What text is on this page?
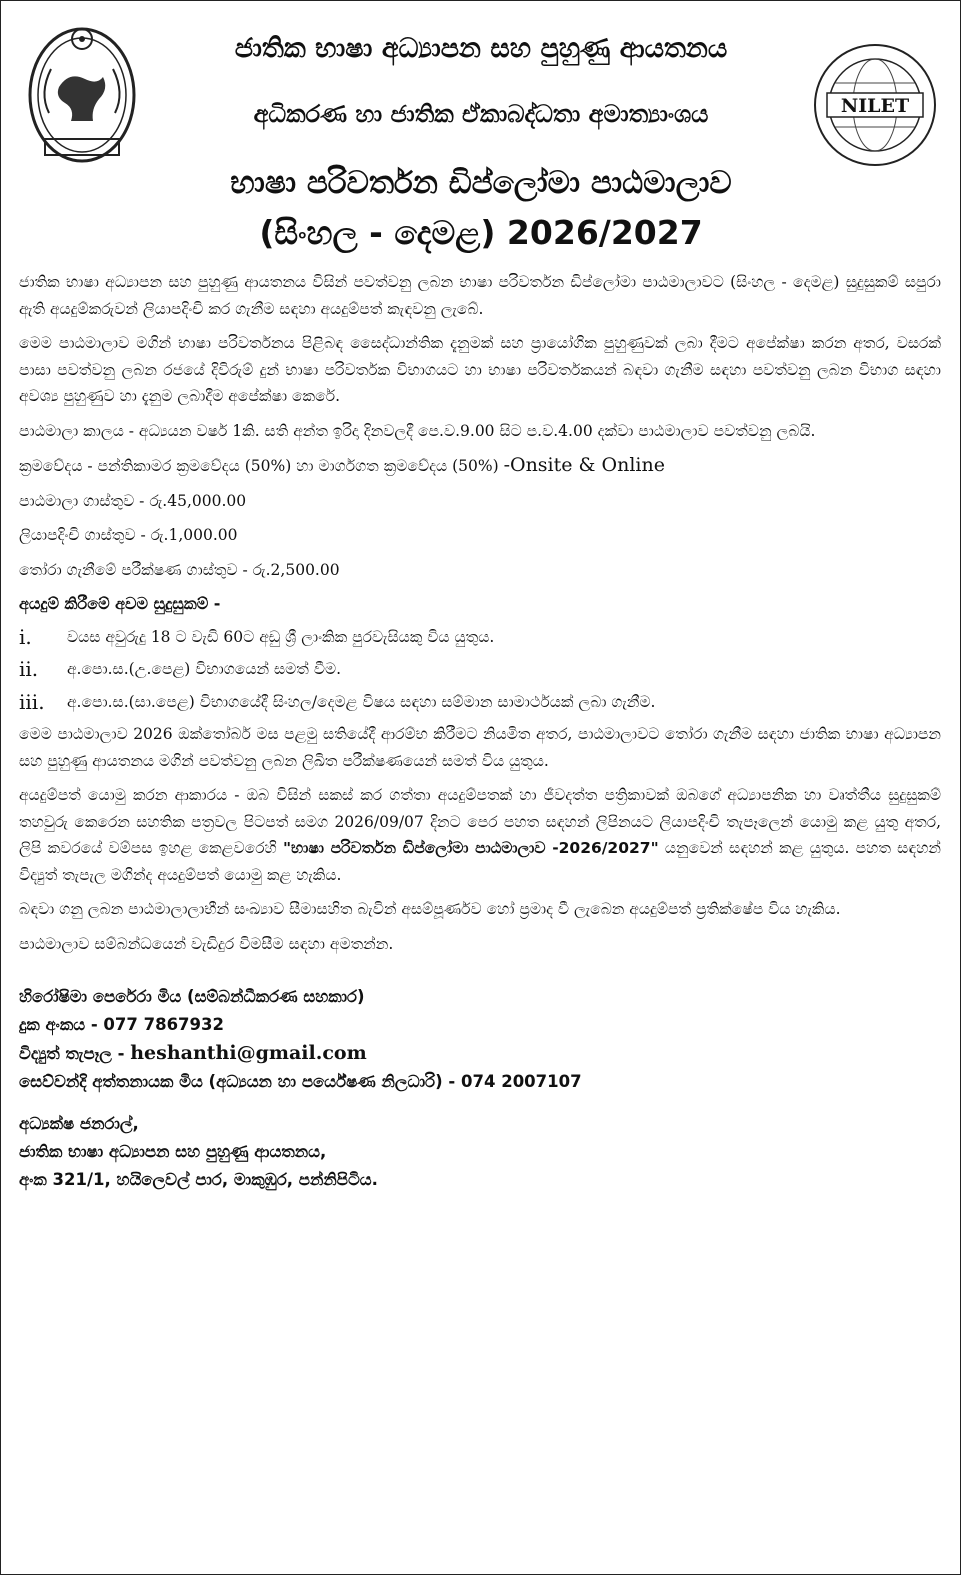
NILET
ජාතික භාෂා අධ්‍යාපන සහ පුහුණු ආයතනය
අධිකරණ හා ජාතික ඒකාබද්ධතා අමාත්‍යාංශය
භාෂා පරිවර්තන ඩිප්ලෝමා පාඨමාලාව
(සිංහල - දෙමළ) 2026/2027

ජාතික භාෂා අධ්‍යාපන සහ පුහුණු ආයතනය විසින් පවත්වනු ලබන භාෂා පරිවර්තන ඩිප්ලෝමා පාඨමාලාවට (සිංහල - දෙමළ) සුදුසුකම් සපුරා ඇති අයදුම්කරුවන් ලියාපදිංචි කර ගැනීම සඳහා අයදුම්පත් කැඳවනු ලැබේ.

මෙම පාඨමාලාව මගින් භාෂා පරිවර්තනය පිළිබඳ සෛද්ධාන්තික දැනුමක් සහ ප්‍රායෝගික පුහුණුවක් ලබා දීමට අපේක්ෂා කරන අතර, වසරක් පාසා පවත්වනු ලබන රජයේ දිවිරුම් දුන් භාෂා පරිවර්තක විභාගයට හා භාෂා පරිවර්තකයන් බඳවා ගැනීම සඳහා පවත්වනු ලබන විභාග සඳහා අවශ්‍ය පුහුණුව හා දැනුම ලබාදීම අපේක්ෂා කෙරේ.

පාඨමාලා කාලය - අධ්‍යයන වර්ෂ 1කි. සති අන්ත ඉරිදා දිනවලදී පෙ.ව.9.00 සිට ප.ව.4.00 දක්වා පාඨමාලාව පවත්වනු ලබයි.

ක්‍රමවේදය - පන්තිකාමර ක්‍රමවේදය (50%) හා මාර්ගගත ක්‍රමවේදය (50%) -Onsite & Online

පාඨමාලා ගාස්තුව - රු.45,000.00

ලියාපදිංචි ගාස්තුව - රු.1,000.00

තෝරා ගැනීමේ පරීක්ෂණ ගාස්තුව - රු.2,500.00

අයදුම් කිරීමේ අවම සුදුසුකම් -
i.	වයස අවුරුදු 18 ට වැඩි 60ට අඩු ශ්‍රී ලාංකික පුරවැසියකු විය යුතුය.
ii.	අ.පො.ස.(උ.පෙළ) විභාගයෙන් සමත් වීම.
iii.	අ.පො.ස.(සා.පෙළ) විභාගයේදී සිංහල/දෙමළ විෂය සඳහා සම්මාන සාමාර්ථයක් ලබා ගැනීම.

මෙම පාඨමාලාව 2026 ඔක්තෝබර් මස පළමු සතියේදී ආරම්භ කිරීමට නියමිත අතර, පාඨමාලාවට තෝරා ගැනීම සඳහා ජාතික භාෂා අධ්‍යාපන සහ පුහුණු ආයතනය මගින් පවත්වනු ලබන ලිඛිත පරීක්ෂණයෙන් සමත් විය යුතුය.

අයදුම්පත් යොමු කරන ආකාරය - ඔබ විසින් සකස් කර ගත්තා අයදුම්පතක් හා ජීවදත්ත පත්‍රිකාවක් ඔබගේ අධ්‍යාපනික හා වෘත්තීය සුදුසුකම් තහවුරු කෙරෙන සහතික පත්‍රවල පිටපත් සමග 2026/09/07 දිනට පෙර පහත සඳහන් ලිපිනයට ලියාපදිංචි තැපෑලෙන් යොමු කළ යුතු අතර, ලිපි කවරයේ වම්පස ඉහළ කෙළවරෙහි "භාෂා පරිවර්තන ඩිප්ලෝමා පාඨමාලාව -2026/2027" යනුවෙන් සඳහන් කළ යුතුය. පහත සඳහන් විද්‍යුත් තැපැල මගින්ද අයදුම්පත් යොමු කළ හැකිය.

බඳවා ගනු ලබන පාඨමාලාලාභීන් සංඛ්‍යාව සීමාසහිත බැවින් අසම්පූර්ණව හෝ ප්‍රමාද වී ලැබෙන අයදුම්පත් ප්‍රතික්ෂේප විය හැකිය.

පාඨමාලාව සම්බන්ධයෙන් වැඩිදුර විමසීම සඳහා අමතන්න.

හිරෝෂිමා පෙරේරා මිය (සම්බන්ධීකරණ සහකාර)
දුක අංකය - 077 7867932
විද්‍යුත් තැපෑල - heshanthi@gmail.com
සෙව්වන්දි අත්තනායක මිය (අධ්‍යයන හා පර්යේෂණ නිලධාරි) - 074 2007107
අධ්‍යක්ෂ ජනරාල්,
ජාතික භාෂා අධ්‍යාපන සහ පුහුණු ආයතනය,
අංක 321/1, හයිලෙවල් පාර, මාකුඹුර, පන්නිපිටිය.
